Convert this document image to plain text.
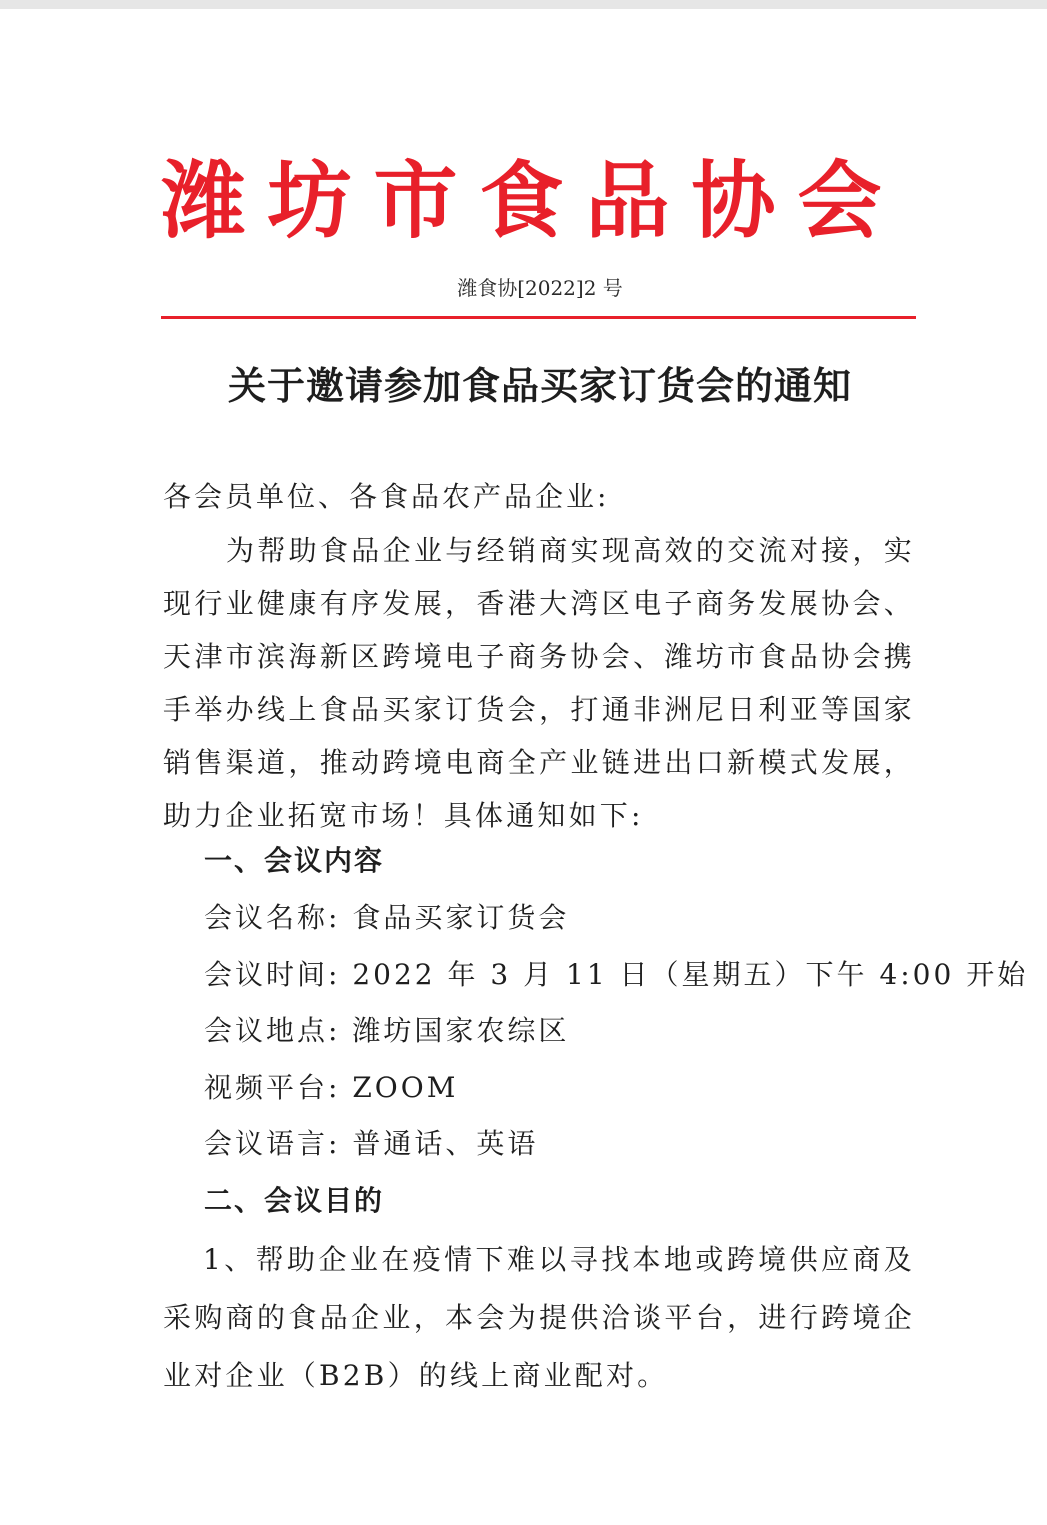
潍坊市食品协会
潍食协[2022]2 号
关于邀请参加食品买家订货会的通知
各会员单位、各食品农产品企业:
为帮助食品企业与经销商实现高效的交流对接，实现行业健康有序发展，香港大湾区电子商务发展协会、天津市滨海新区跨境电子商务协会、潍坊市食品协会携手举办线上食品买家订货会，打通非洲尼日利亚等国家销售渠道，推动跨境电商全产业链进出口新模式发展，助力企业拓宽市场！具体通知如下:
一、会议内容
会议名称: 食品买家订货会
会议时间: 2022 年 3 月 11 日（星期五）下午 4:00 开始
会议地点: 潍坊国家农综区
视频平台: ZOOM
会议语言: 普通话、英语
二、会议目的
1、帮助企业在疫情下难以寻找本地或跨境供应商及采购商的食品企业，本会为提供洽谈平台，进行跨境企业对企业（B2B）的线上商业配对。
